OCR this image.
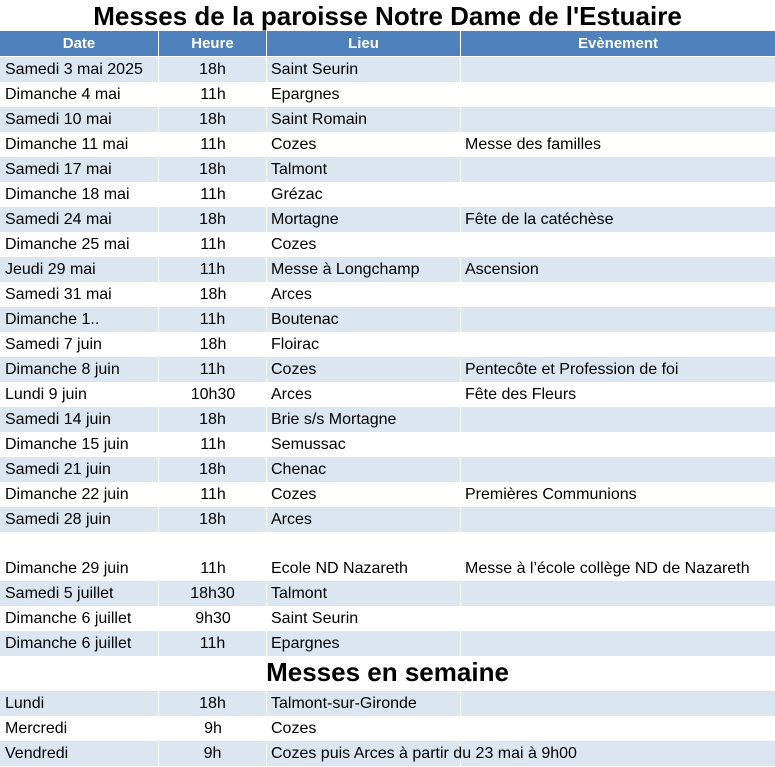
Messes de la paroisse Notre Dame de l'Estuaire
Date	Heure	Lieu	Evènement
Samedi 3 mai 2025	18h	Saint Seurin
Dimanche 4 mai	11h	Epargnes
Samedi 10 mai	18h	Saint Romain
Dimanche 11 mai	11h	Cozes	Messe des familles
Samedi 17 mai	18h	Talmont
Dimanche 18 mai	11h	Grézac
Samedi 24 mai	18h	Mortagne	Fête de la catéchèse
Dimanche 25 mai	11h	Cozes
Jeudi 29 mai	11h	Messe à Longchamp	Ascension
Samedi 31 mai	18h	Arces
Dimanche 1..	11h	Boutenac
Samedi 7 juin	18h	Floirac
Dimanche 8 juin	11h	Cozes	Pentecôte et Profession de foi
Lundi 9 juin	10h30	Arces	Fête des Fleurs
Samedi 14 juin	18h	Brie s/s Mortagne
Dimanche 15 juin	11h	Semussac
Samedi 21 juin	18h	Chenac
Dimanche 22 juin	11h	Cozes	Premières Communions
Samedi 28 juin	18h	Arces
Dimanche 29 juin	11h	Ecole ND Nazareth	Messe à l’école collège ND de Nazareth
Samedi 5 juillet	18h30	Talmont
Dimanche 6 juillet	9h30	Saint Seurin
Dimanche 6 juillet	11h	Epargnes
Messes en semaine
Lundi	18h	Talmont-sur-Gironde
Mercredi	9h	Cozes
Vendredi	9h	Cozes puis Arces à partir du 23 mai à 9h00
